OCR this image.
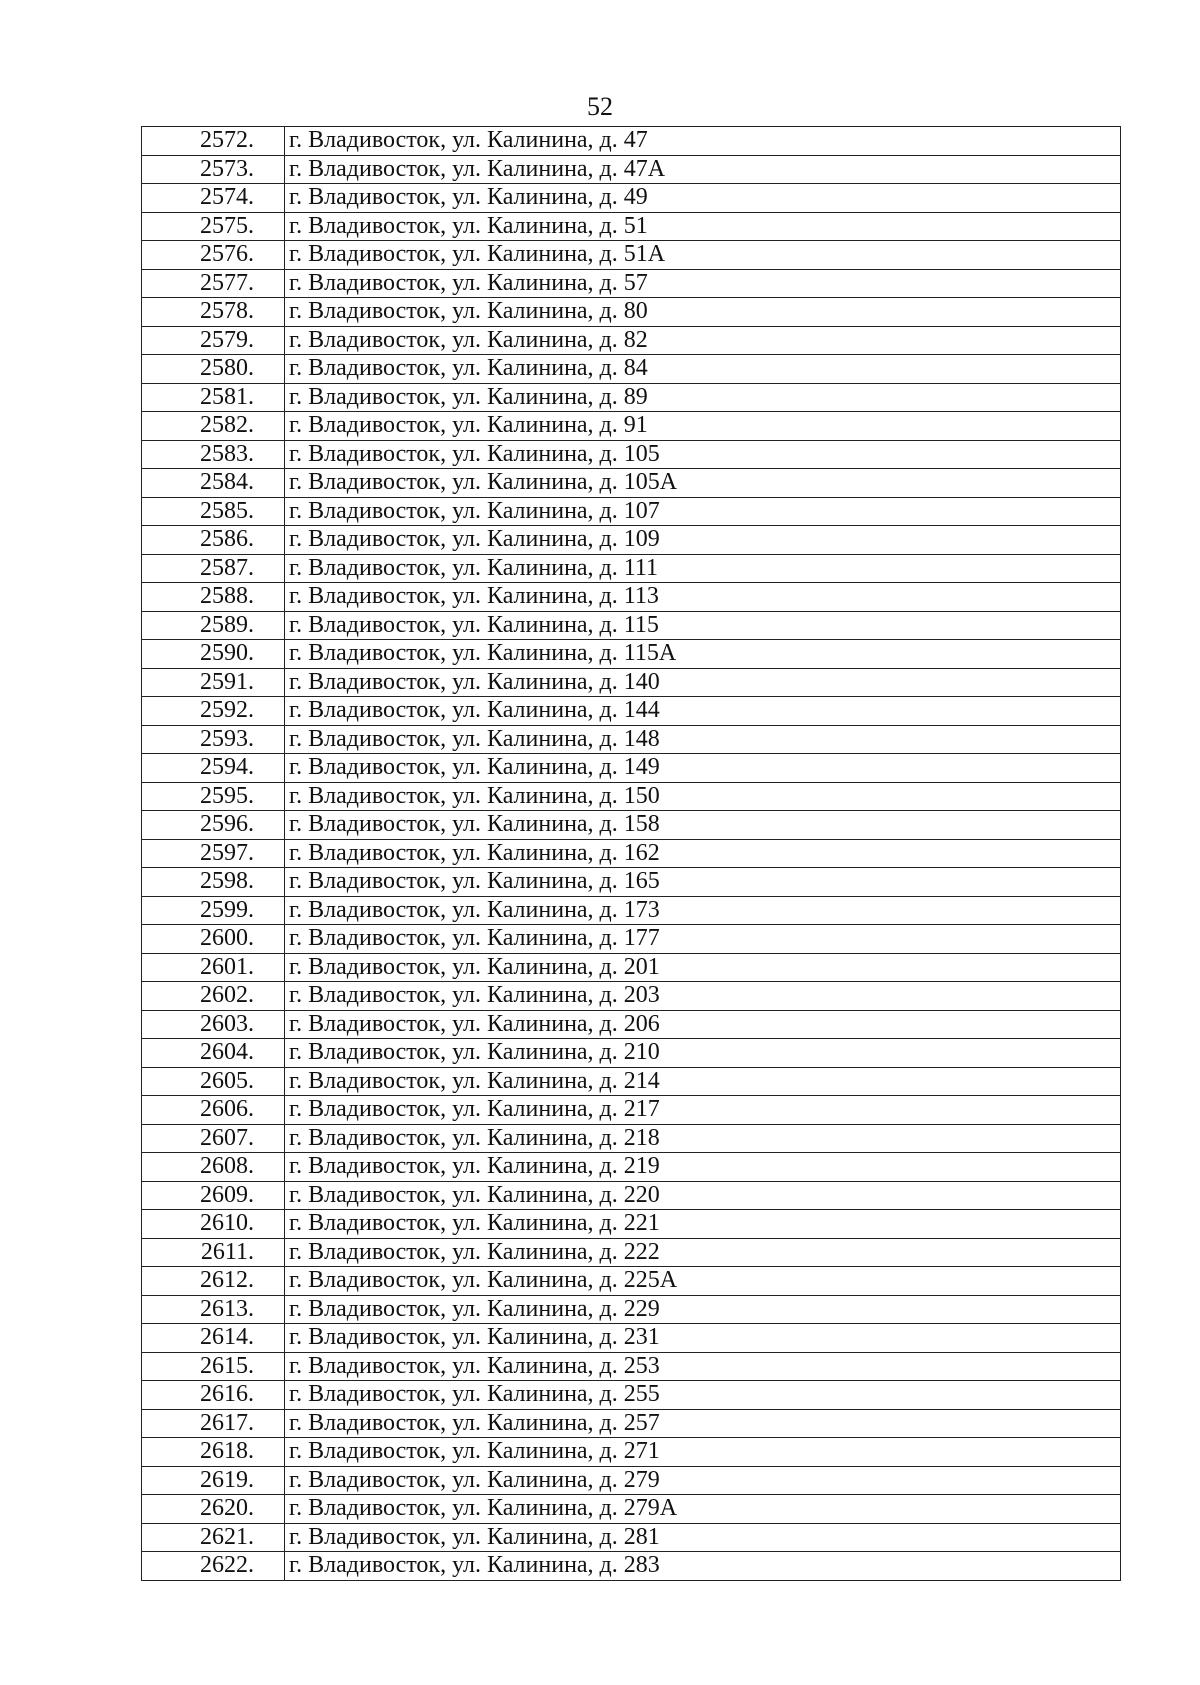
52
2572.	г. Владивосток, ул. Калинина, д. 47
2573.	г. Владивосток, ул. Калинина, д. 47А
2574.	г. Владивосток, ул. Калинина, д. 49
2575.	г. Владивосток, ул. Калинина, д. 51
2576.	г. Владивосток, ул. Калинина, д. 51А
2577.	г. Владивосток, ул. Калинина, д. 57
2578.	г. Владивосток, ул. Калинина, д. 80
2579.	г. Владивосток, ул. Калинина, д. 82
2580.	г. Владивосток, ул. Калинина, д. 84
2581.	г. Владивосток, ул. Калинина, д. 89
2582.	г. Владивосток, ул. Калинина, д. 91
2583.	г. Владивосток, ул. Калинина, д. 105
2584.	г. Владивосток, ул. Калинина, д. 105А
2585.	г. Владивосток, ул. Калинина, д. 107
2586.	г. Владивосток, ул. Калинина, д. 109
2587.	г. Владивосток, ул. Калинина, д. 111
2588.	г. Владивосток, ул. Калинина, д. 113
2589.	г. Владивосток, ул. Калинина, д. 115
2590.	г. Владивосток, ул. Калинина, д. 115А
2591.	г. Владивосток, ул. Калинина, д. 140
2592.	г. Владивосток, ул. Калинина, д. 144
2593.	г. Владивосток, ул. Калинина, д. 148
2594.	г. Владивосток, ул. Калинина, д. 149
2595.	г. Владивосток, ул. Калинина, д. 150
2596.	г. Владивосток, ул. Калинина, д. 158
2597.	г. Владивосток, ул. Калинина, д. 162
2598.	г. Владивосток, ул. Калинина, д. 165
2599.	г. Владивосток, ул. Калинина, д. 173
2600.	г. Владивосток, ул. Калинина, д. 177
2601.	г. Владивосток, ул. Калинина, д. 201
2602.	г. Владивосток, ул. Калинина, д. 203
2603.	г. Владивосток, ул. Калинина, д. 206
2604.	г. Владивосток, ул. Калинина, д. 210
2605.	г. Владивосток, ул. Калинина, д. 214
2606.	г. Владивосток, ул. Калинина, д. 217
2607.	г. Владивосток, ул. Калинина, д. 218
2608.	г. Владивосток, ул. Калинина, д. 219
2609.	г. Владивосток, ул. Калинина, д. 220
2610.	г. Владивосток, ул. Калинина, д. 221
2611.	г. Владивосток, ул. Калинина, д. 222
2612.	г. Владивосток, ул. Калинина, д. 225А
2613.	г. Владивосток, ул. Калинина, д. 229
2614.	г. Владивосток, ул. Калинина, д. 231
2615.	г. Владивосток, ул. Калинина, д. 253
2616.	г. Владивосток, ул. Калинина, д. 255
2617.	г. Владивосток, ул. Калинина, д. 257
2618.	г. Владивосток, ул. Калинина, д. 271
2619.	г. Владивосток, ул. Калинина, д. 279
2620.	г. Владивосток, ул. Калинина, д. 279А
2621.	г. Владивосток, ул. Калинина, д. 281
2622.	г. Владивосток, ул. Калинина, д. 283
